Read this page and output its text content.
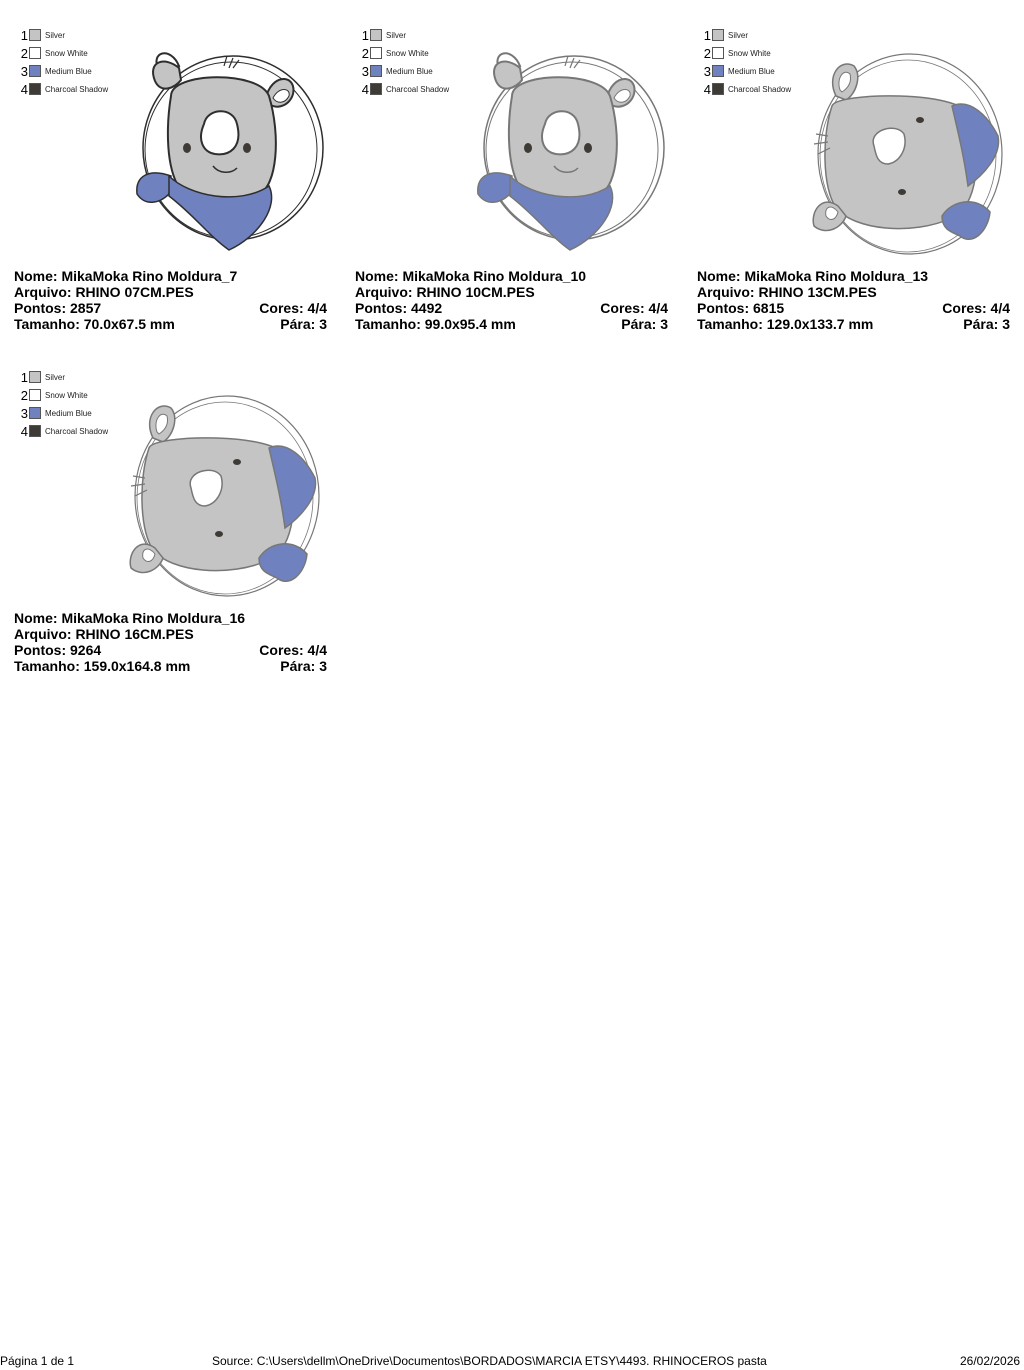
1 Silver
2 Snow White
3 Medium Blue
4 Charcoal Shadow
Nome: MikaMoka Rino Moldura_7
Arquivo: RHINO 07CM.PES
Pontos: 2857	Cores: 4/4
Tamanho: 70.0x67.5 mm	Pára: 3
1 Silver
2 Snow White
3 Medium Blue
4 Charcoal Shadow
Nome: MikaMoka Rino Moldura_10
Arquivo: RHINO 10CM.PES
Pontos: 4492	Cores: 4/4
Tamanho: 99.0x95.4 mm	Pára: 3
1 Silver
2 Snow White
3 Medium Blue
4 Charcoal Shadow
Nome: MikaMoka Rino Moldura_13
Arquivo: RHINO 13CM.PES
Pontos: 6815	Cores: 4/4
Tamanho: 129.0x133.7 mm	Pára: 3
1 Silver
2 Snow White
3 Medium Blue
4 Charcoal Shadow
Nome: MikaMoka Rino Moldura_16
Arquivo: RHINO 16CM.PES
Pontos: 9264	Cores: 4/4
Tamanho: 159.0x164.8 mm	Pára: 3
Página 1 de 1	Source: C:\Users\dellm\OneDrive\Documentos\BORDADOS\MARCIA ETSY\4493. RHINOCEROS pasta	26/02/2026
